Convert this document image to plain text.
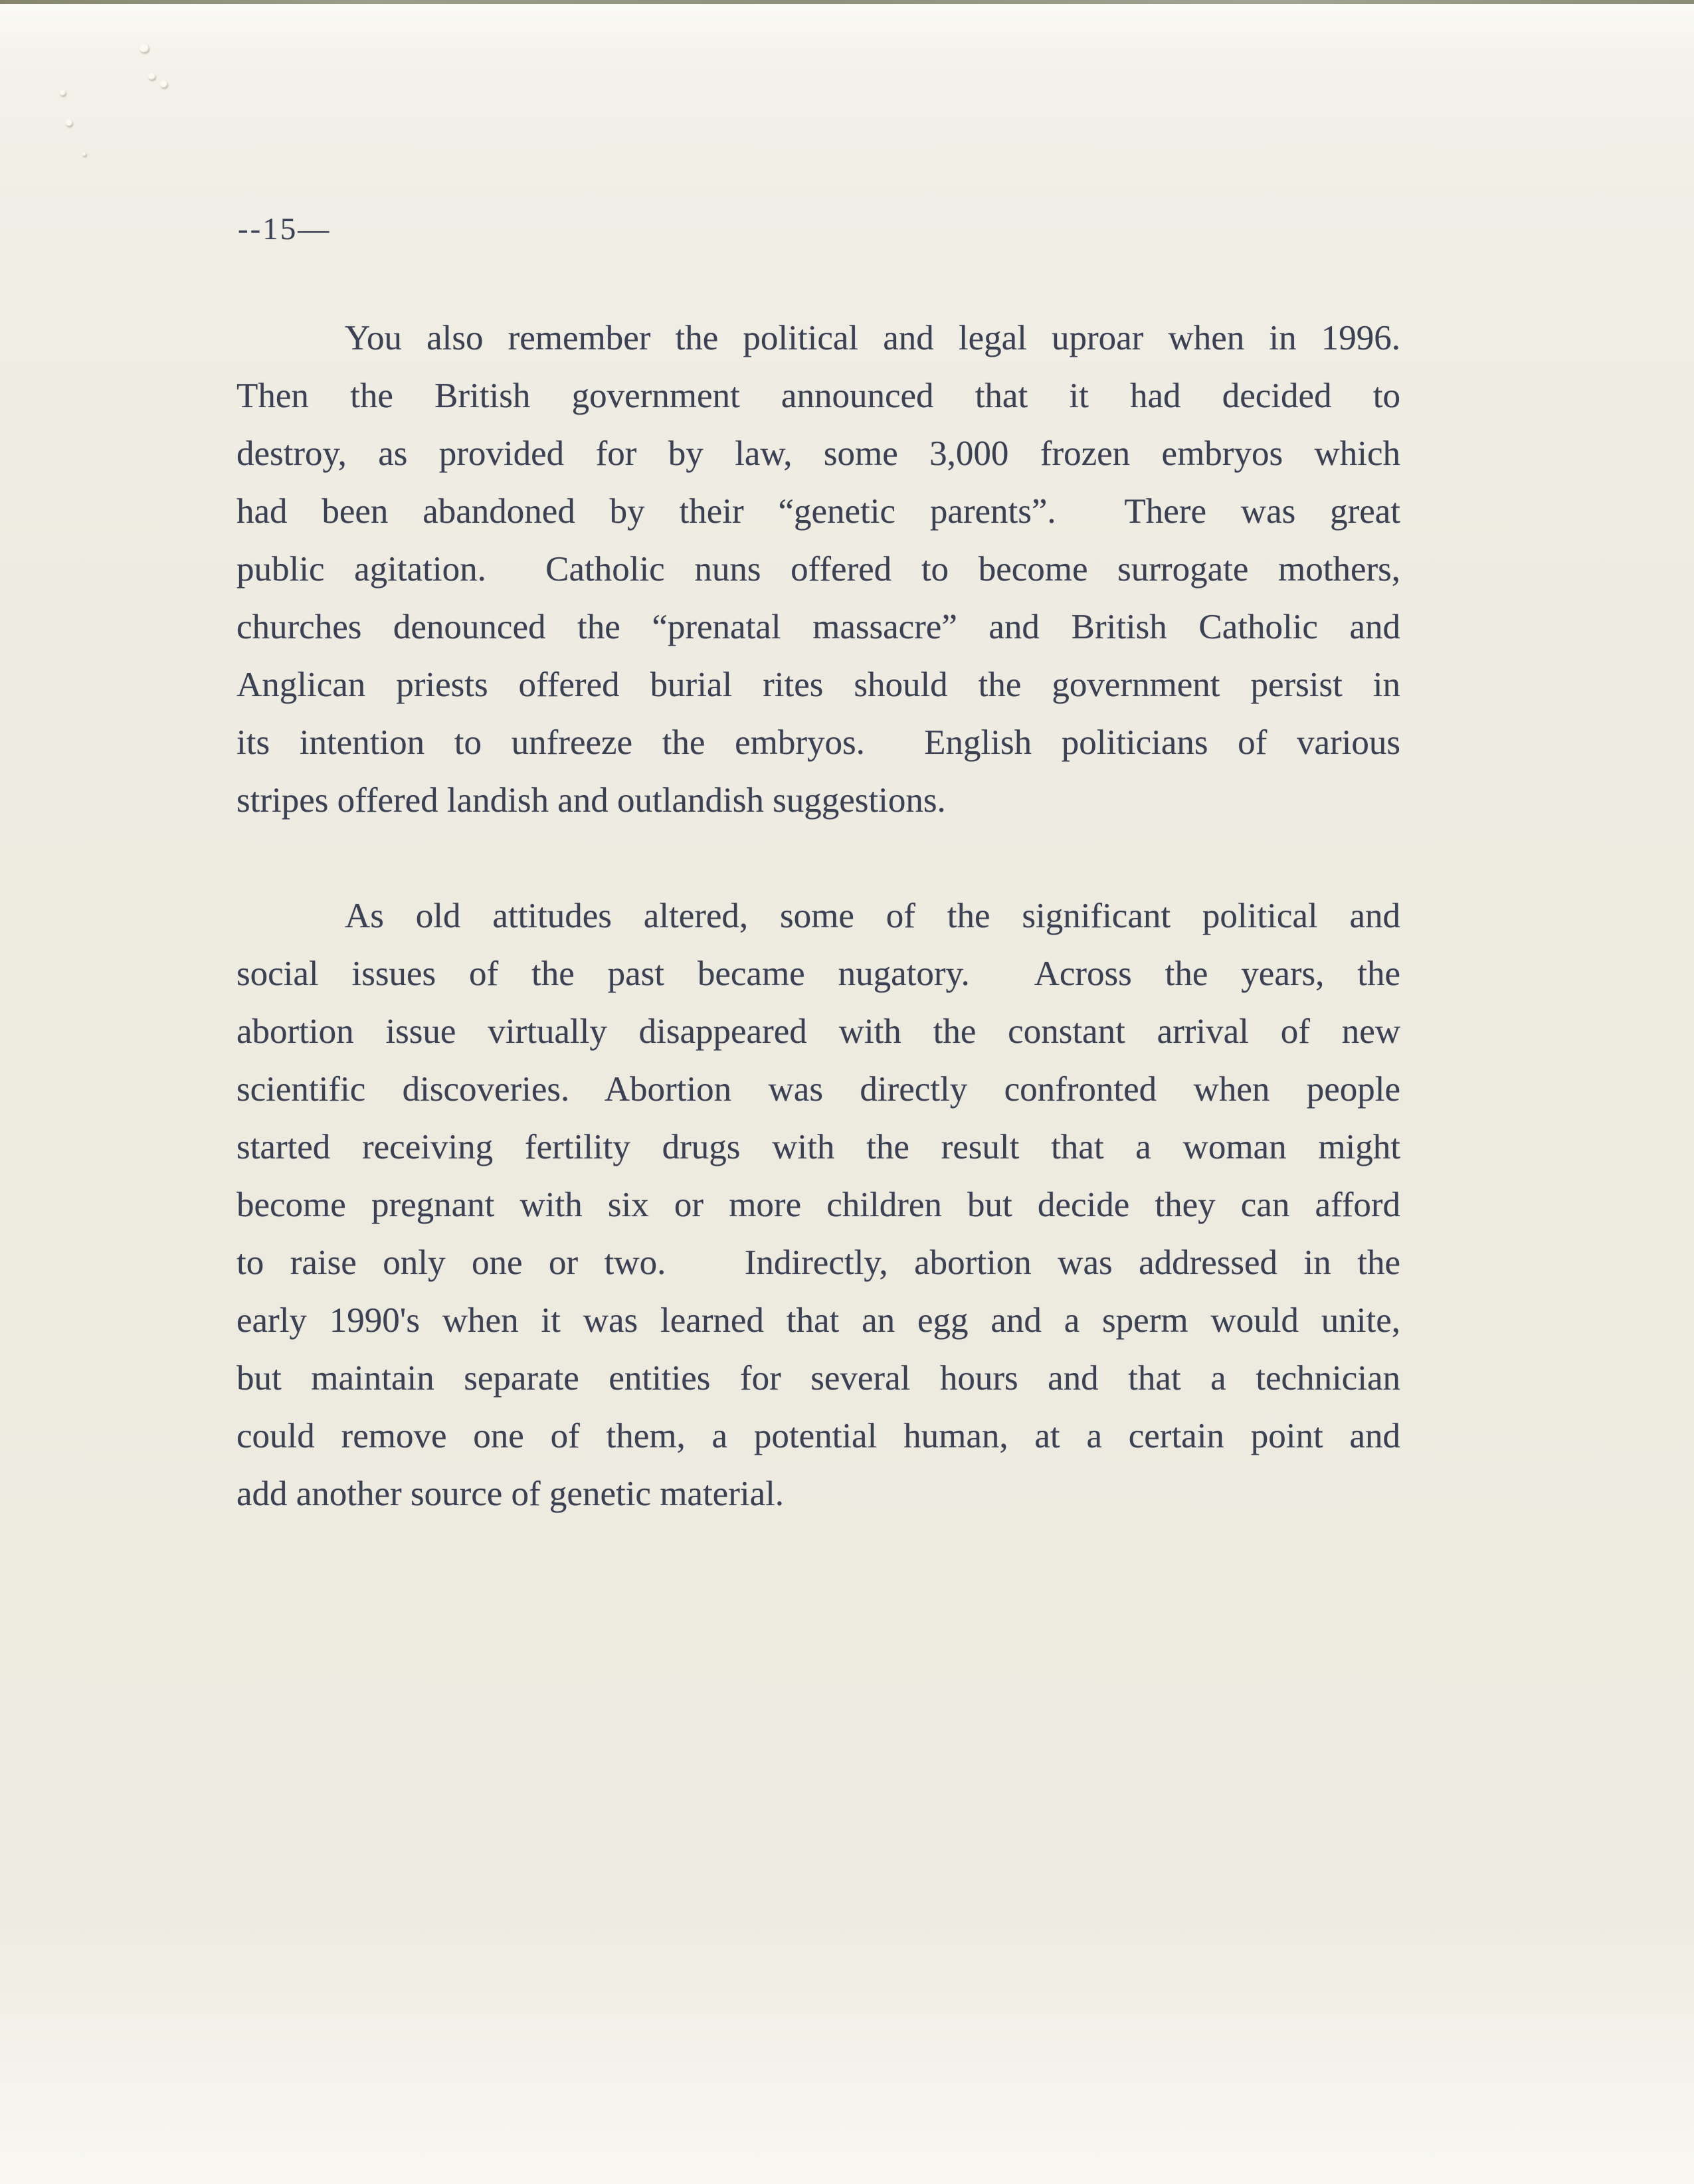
--15—
You also remember the political and legal uproar when in 1996.
Then the British government announced that it had decided to
destroy, as provided for by law, some 3,000 frozen embryos which
had been abandoned by their “genetic parents”.  There was great
public agitation.  Catholic nuns offered to become surrogate mothers,
churches denounced the “prenatal massacre” and British Catholic and
Anglican priests offered burial rites should the government persist in
its intention to unfreeze the embryos.  English politicians of various
stripes offered landish and outlandish suggestions.
As old attitudes altered, some of the significant political and
social issues of the past became nugatory.  Across the years, the
abortion issue virtually disappeared with the constant arrival of new
scientific discoveries. Abortion was directly confronted when people
started receiving fertility drugs with the result that a woman might
become pregnant with six or more children but decide they can afford
to raise only one or two.   Indirectly, abortion was addressed in the
early 1990's when it was learned that an egg and a sperm would unite,
but maintain separate entities for several hours and that a technician
could remove one of them, a potential human, at a certain point and
add another source of genetic material.
